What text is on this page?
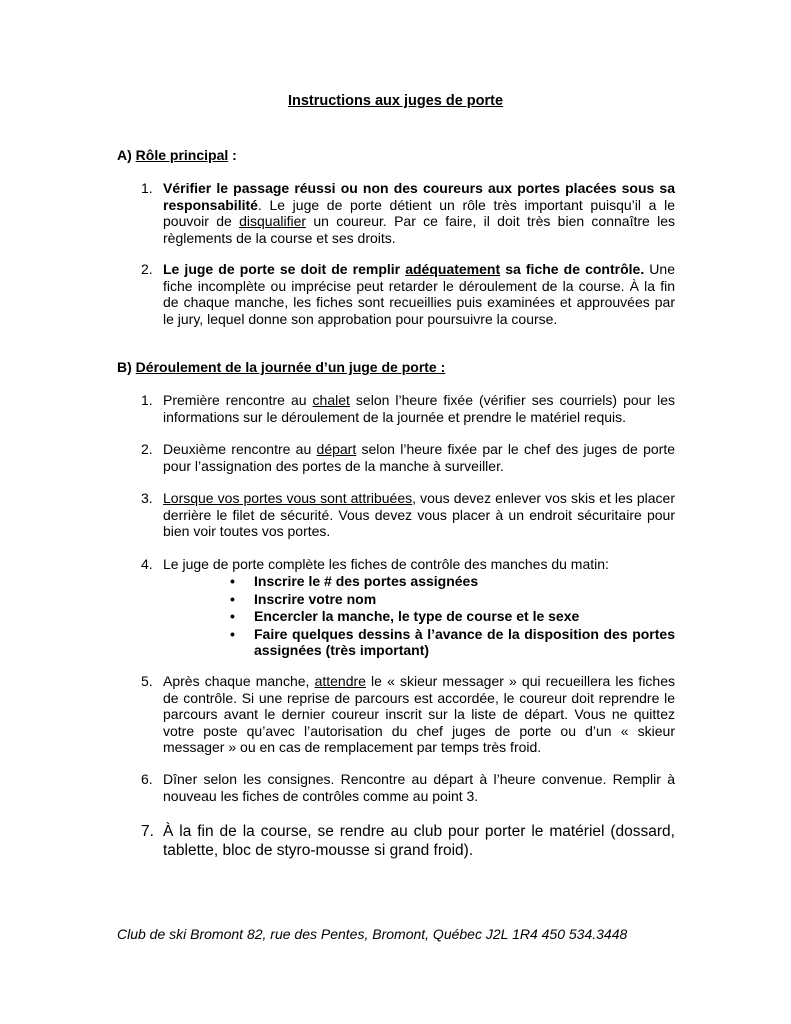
Instructions aux juges de porte
A) Rôle principal :
1. Vérifier le passage réussi ou non des coureurs aux portes placées sous sa responsabilité. Le juge de porte détient un rôle très important puisqu’il a le pouvoir de disqualifier un coureur. Par ce faire, il doit très bien connaître les règlements de la course et ses droits.
2. Le juge de porte se doit de remplir adéquatement sa fiche de contrôle. Une fiche incomplète ou imprécise peut retarder le déroulement de la course. À la fin de chaque manche, les fiches sont recueillies puis examinées et approuvées par le jury, lequel donne son approbation pour poursuivre la course.
B) Déroulement de la journée d’un juge de porte :
1. Première rencontre au chalet selon l’heure fixée (vérifier ses courriels) pour les informations sur le déroulement de la journée et prendre le matériel requis.
2. Deuxième rencontre au départ selon l’heure fixée par le chef des juges de porte pour l’assignation des portes de la manche à surveiller.
3. Lorsque vos portes vous sont attribuées, vous devez enlever vos skis et les placer derrière le filet de sécurité. Vous devez vous placer à un endroit sécuritaire pour bien voir toutes vos portes.
4. Le juge de porte complète les fiches de contrôle des manches du matin:
• Inscrire le # des portes assignées
• Inscrire votre nom
• Encercler la manche, le type de course et le sexe
• Faire quelques dessins à l’avance de la disposition des portes assignées (très important)
5. Après chaque manche, attendre le « skieur messager » qui recueillera les fiches de contrôle. Si une reprise de parcours est accordée, le coureur doit reprendre le parcours avant le dernier coureur inscrit sur la liste de départ. Vous ne quittez votre poste qu’avec l’autorisation du chef juges de porte ou d’un « skieur messager » ou en cas de remplacement par temps très froid.
6. Dîner selon les consignes. Rencontre au départ à l’heure convenue. Remplir à nouveau les fiches de contrôles comme au point 3.
7. À la fin de la course, se rendre au club pour porter le matériel (dossard, tablette, bloc de styro-mousse si grand froid).
Club de ski Bromont 82, rue des Pentes, Bromont, Québec J2L 1R4 450 534.3448
